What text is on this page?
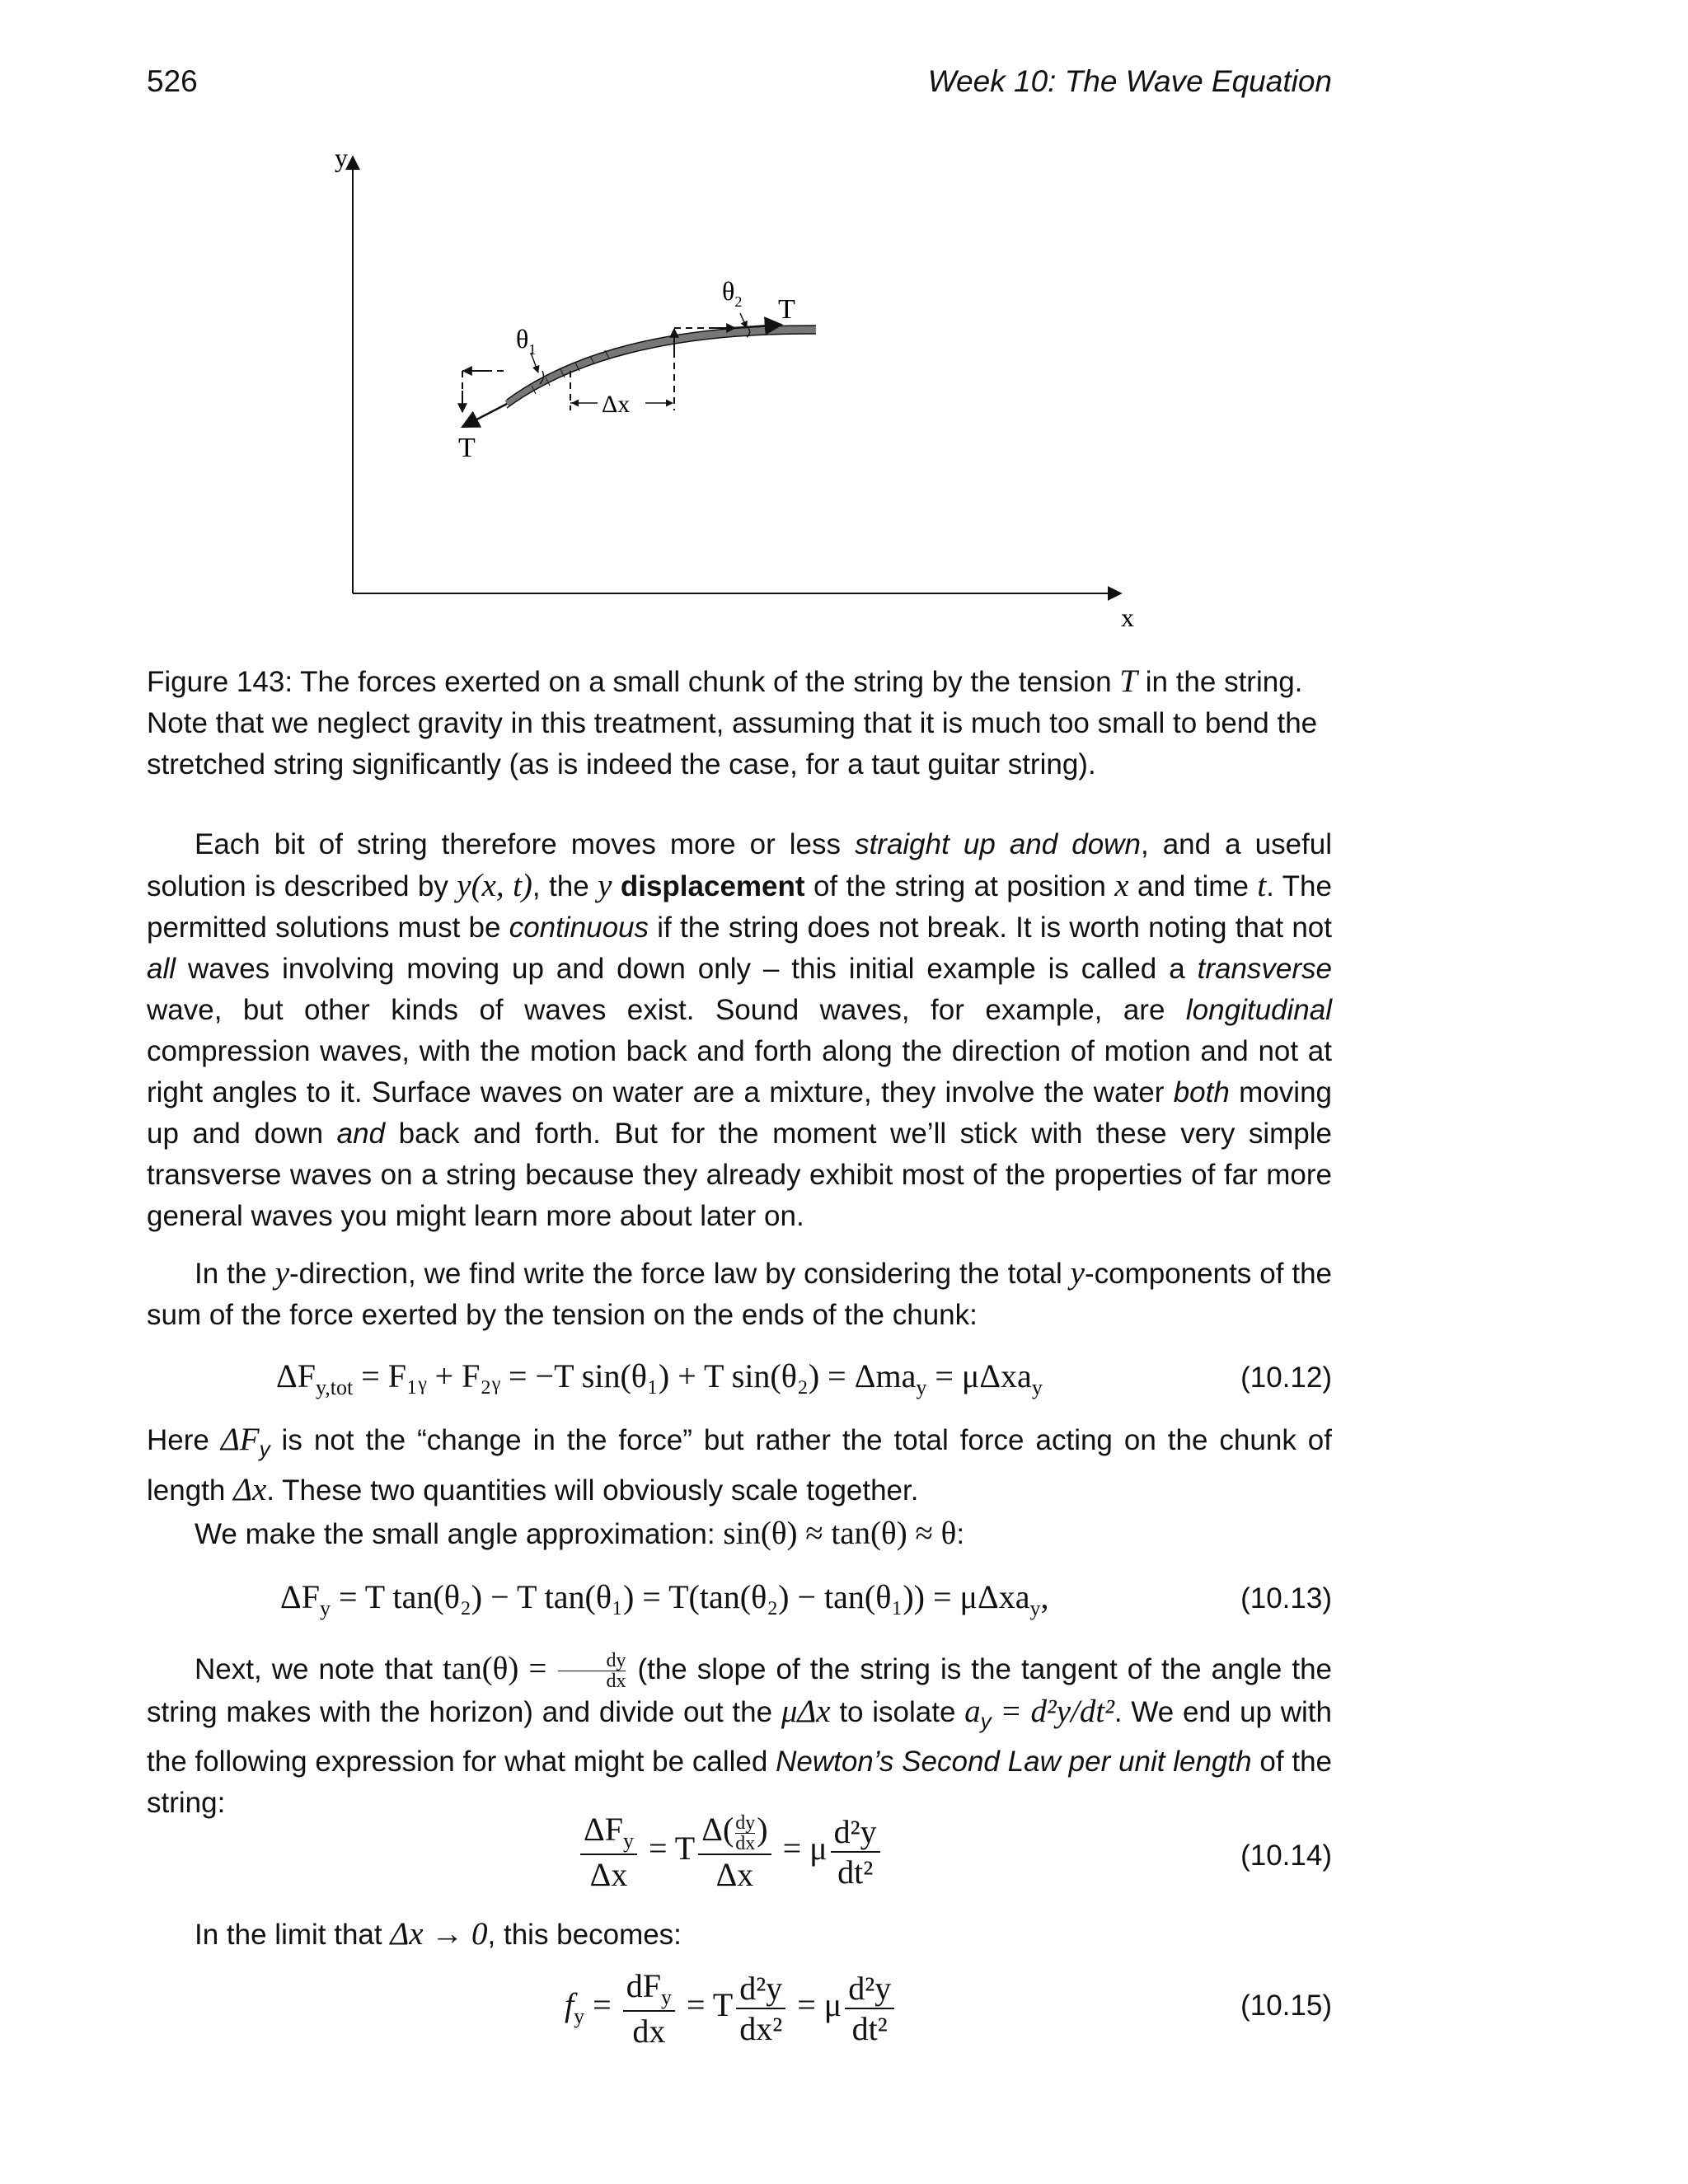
526	Week 10: The Wave Equation
y
x
T
T
$\theta_1$
$\theta_2$
Δx
Figure 143: The forces exerted on a small chunk of the string by the tension T in the string. Note that we neglect gravity in this treatment, assuming that it is much too small to bend the stretched string significantly (as is indeed the case, for a taut guitar string).
Each bit of string therefore moves more or less straight up and down, and a useful solution is described by y(x, t), the y displacement of the string at position x and time t. The permitted solutions must be continuous if the string does not break. It is worth noting that not all waves involving moving up and down only – this initial example is called a transverse wave, but other kinds of waves exist. Sound waves, for example, are longitudinal compression waves, with the motion back and forth along the direction of motion and not at right angles to it. Surface waves on water are a mixture, they involve the water both moving up and down and back and forth. But for the moment we’ll stick with these very simple transverse waves on a string because they already exhibit most of the properties of far more general waves you might learn more about later on.
In the y-direction, we find write the force law by considering the total y-components of the sum of the force exerted by the tension on the ends of the chunk:
$\Delta F_{y,tot}$ = F₁ᵧ + F₂ᵧ = −T sin(θ₁) + T sin(θ₂) = Δma$_y$ = μΔxa$_y$	(10.12)
Here $\Delta F_y$ is not the “change in the force” but rather the total force acting on the chunk of length Δx. These two quantities will obviously scale together.
We make the small angle approximation: sin(θ) ≈ tan(θ) ≈ θ:
$\Delta F_y = T$ tan(θ₂) − T tan(θ₁) = T(tan(θ₂) − tan(θ₁)) = μΔxa$_y$,	(10.13)
Next, we note that $\tan(\theta) = \frac{dy}{dx} (the$ slope of the string is the tangent of the angle the string makes with the horizon) and divide out the μΔx to isolate $a_y = d^2y/dt^2$. We end up with the following expression for what might be called Newton’s Second Law per unit length of the string:
$\frac{\Delta F_y}{\Delta x} = T \frac{\Delta( \frac{dy}{dx} )}{\Delta x} = \mu \frac{\text{d²y}}{\text{dt²}}$	(10.14)
In the limit that Δx → 0, this becomes:
$f_y = \frac{dF_y}{dx} = T \frac{\text{d²y}}{\text{dx²}} = \mu \frac{\text{d²y}}{\text{dt²}}$	(10.15)
